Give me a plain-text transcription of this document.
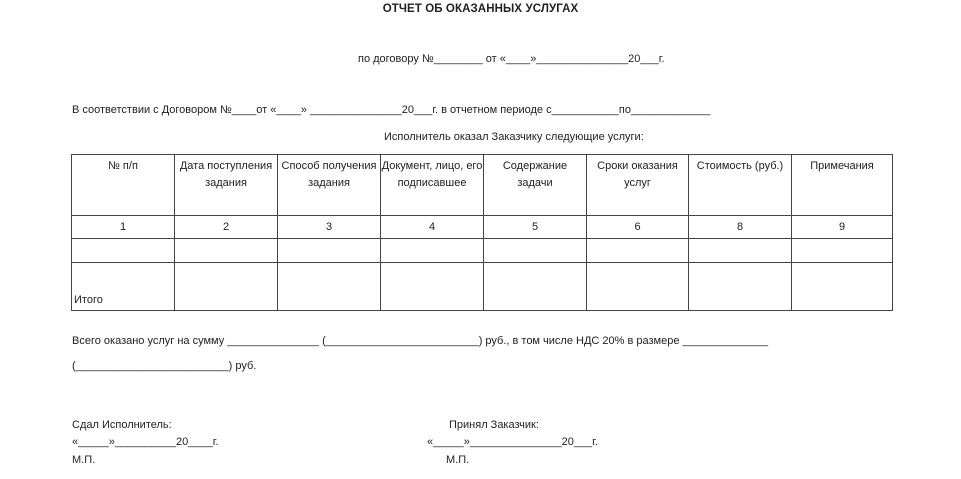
ОТЧЕТ ОБ ОКАЗАННЫХ УСЛУГАХ
по договору №________ от «____»_______________20___г.
В соответствии с Договором №____от «____» _______________20___г. в отчетном периоде с___________по_____________
Исполнитель оказал Заказчику следующие услуги:
№ п/п	Дата поступления задания	Способ получения задания	Документ, лицо, его подписавшее	Содержание задачи	Сроки оказания услуг	Стоимость (руб.)	Примечания
1	2	3	4	5	6	8	9

Итого							
Всего оказано услуг на сумму _______________ (_________________________) руб., в том числе НДС 20% в размере ______________
(_________________________) руб.
Сдал Исполнитель:
«_____»__________20____г.
М.П.
Принял Заказчик:
«_____»_______________20___г.
М.П.
